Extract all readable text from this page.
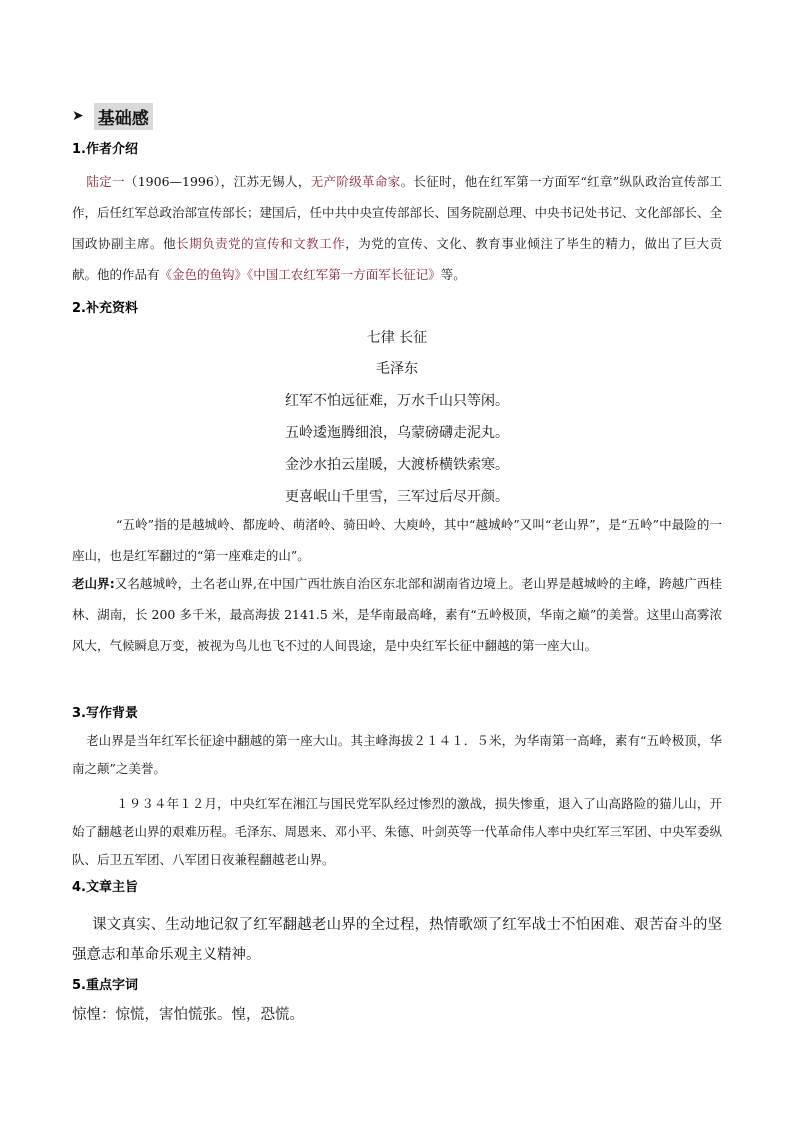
➤ 基础感
1.作者介绍

陆定一（1906—1996），江苏无锡人，无产阶级革命家。长征时，他在红军第一方面军“红章”纵队政治宣传部工作，后任红军总政治部宣传部长；建国后，任中共中央宣传部部长、国务院副总理、中央书记处书记、文化部部长、全国政协副主席。他长期负责党的宣传和文教工作，为党的宣传、文化、教育事业倾注了毕生的精力，做出了巨大贡献。他的作品有《金色的鱼钩》《中国工农红军第一方面军长征记》等。

2.补充资料
七律 长征
毛泽东
红军不怕远征难，万水千山只等闲。
五岭逶迤腾细浪，乌蒙磅礴走泥丸。
金沙水拍云崖暖，大渡桥横铁索寒。
更喜岷山千里雪，三军过后尽开颜。

“五岭”指的是越城岭、都庞岭、萌渚岭、骑田岭、大庾岭，其中“越城岭”又叫“老山界”，是“五岭”中最险的一座山，也是红军翻过的“第一座难走的山”。

老山界:又名越城岭，土名老山界,在中国广西壮族自治区东北部和湖南省边境上。老山界是越城岭的主峰，跨越广西桂林、湖南，长 200 多千米，最高海拔 2141.5 米，是华南最高峰，素有“五岭极顶，华南之巅”的美誉。这里山高雾浓风大，气候瞬息万变，被视为鸟儿也飞不过的人间畏途，是中央红军长征中翻越的第一座大山。

3.写作背景

老山界是当年红军长征途中翻越的第一座大山。其主峰海拔２１４１．５米，为华南第一高峰，素有“五岭极顶，华南之颠”之美誉。

１９３４年１２月，中央红军在湘江与国民党军队经过惨烈的激战，损失惨重，退入了山高路险的猫儿山，开始了翻越老山界的艰难历程。毛泽东、周恩来、邓小平、朱德、叶剑英等一代革命伟人率中央红军三军团、中央军委纵队、后卫五军团、八军团日夜兼程翻越老山界。

4.文章主旨

课文真实、生动地记叙了红军翻越老山界的全过程，热情歌颂了红军战士不怕困难、艰苦奋斗的坚强意志和革命乐观主义精神。

5.重点字词

惊惶：惊慌，害怕慌张。惶，恐慌。
